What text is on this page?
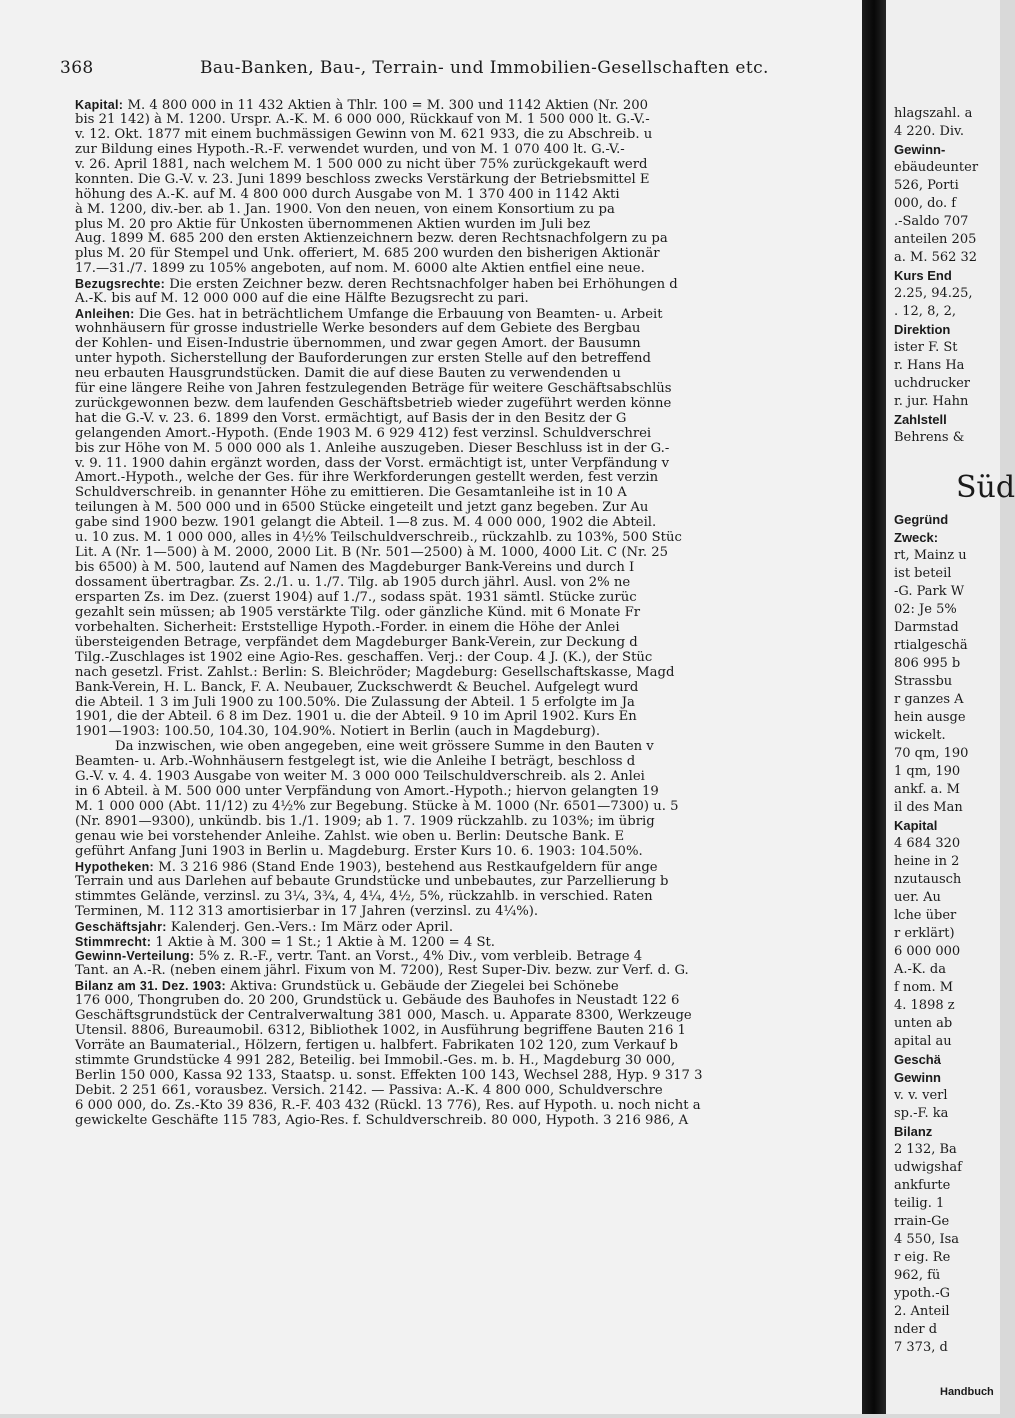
368	Bau-Banken, Bau-, Terrain- und Immobilien-Gesellschaften etc.

Kapital: M. 4 800 000 in 11 432 Aktien à Thlr. 100 = M. 300 und 1142 Aktien (Nr. 200

bis 21 142) à M. 1200. Urspr. A.-K. M. 6 000 000, Rückkauf von M. 1 500 000 lt. G.-V.-

v. 12. Okt. 1877 mit einem buchmässigen Gewinn von M. 621 933, die zu Abschreib. u

zur Bildung eines Hypoth.-R.-F. verwendet wurden, und von M. 1 070 400 lt. G.-V.-

v. 26. April 1881, nach welchem M. 1 500 000 zu nicht über 75% zurückgekauft werd

konnten. Die G.-V. v. 23. Juni 1899 beschloss zwecks Verstärkung der Betriebsmittel E

höhung des A.-K. auf M. 4 800 000 durch Ausgabe von M. 1 370 400 in 1142 Akti

à M. 1200, div.-ber. ab 1. Jan. 1900. Von den neuen, von einem Konsortium zu pa

plus M. 20 pro Aktie für Unkosten übernommenen Aktien wurden im Juli bez

Aug. 1899 M. 685 200 den ersten Aktienzeichnern bezw. deren Rechtsnachfolgern zu pa

plus M. 20 für Stempel und Unk. offeriert, M. 685 200 wurden den bisherigen Aktionär

17.—31./7. 1899 zu 105% angeboten, auf nom. M. 6000 alte Aktien entfiel eine neue.

Bezugsrechte: Die ersten Zeichner bezw. deren Rechtsnachfolger haben bei Erhöhungen d

A.-K. bis auf M. 12 000 000 auf die eine Hälfte Bezugsrecht zu pari.

Anleihen: Die Ges. hat in beträchtlichem Umfange die Erbauung von Beamten- u. Arbeit

wohnhäusern für grosse industrielle Werke besonders auf dem Gebiete des Bergbau

der Kohlen- und Eisen-Industrie übernommen, und zwar gegen Amort. der Bausumn

unter hypoth. Sicherstellung der Bauforderungen zur ersten Stelle auf den betreffend

neu erbauten Hausgrundstücken. Damit die auf diese Bauten zu verwendenden u

für eine längere Reihe von Jahren festzulegenden Beträge für weitere Geschäftsabschlüs

zurückgewonnen bezw. dem laufenden Geschäftsbetrieb wieder zugeführt werden könne

hat die G.-V. v. 23. 6. 1899 den Vorst. ermächtigt, auf Basis der in den Besitz der G

gelangenden Amort.-Hypoth. (Ende 1903 M. 6 929 412) fest verzinsl. Schuldverschrei

bis zur Höhe von M. 5 000 000 als 1. Anleihe auszugeben. Dieser Beschluss ist in der G.-

v. 9. 11. 1900 dahin ergänzt worden, dass der Vorst. ermächtigt ist, unter Verpfändung v

Amort.-Hypoth., welche der Ges. für ihre Werkforderungen gestellt werden, fest verzin

Schuldverschreib. in genannter Höhe zu emittieren. Die Gesamtanleihe ist in 10 A

teilungen à M. 500 000 und in 6500 Stücke eingeteilt und jetzt ganz begeben. Zur Au

gabe sind 1900 bezw. 1901 gelangt die Abteil. 1—8 zus. M. 4 000 000, 1902 die Abteil.

u. 10 zus. M. 1 000 000, alles in 4½% Teilschuldverschreib., rückzahlb. zu 103%, 500 Stüc

Lit. A (Nr. 1—500) à M. 2000, 2000 Lit. B (Nr. 501—2500) à M. 1000, 4000 Lit. C (Nr. 25

bis 6500) à M. 500, lautend auf Namen des Magdeburger Bank-Vereins und durch I

dossament übertragbar. Zs. 2./1. u. 1./7. Tilg. ab 1905 durch jährl. Ausl. von 2% ne

ersparten Zs. im Dez. (zuerst 1904) auf 1./7., sodass spät. 1931 sämtl. Stücke zurüc

gezahlt sein müssen; ab 1905 verstärkte Tilg. oder gänzliche Künd. mit 6 Monate Fr

vorbehalten. Sicherheit: Erststellige Hypoth.-Forder. in einem die Höhe der Anlei

übersteigenden Betrage, verpfändet dem Magdeburger Bank-Verein, zur Deckung d

Tilg.-Zuschlages ist 1902 eine Agio-Res. geschaffen. Verj.: der Coup. 4 J. (K.), der Stüc

nach gesetzl. Frist. Zahlst.: Berlin: S. Bleichröder; Magdeburg: Gesellschaftskasse, Magd

Bank-Verein, H. L. Banck, F. A. Neubauer, Zuckschwerdt & Beuchel. Aufgelegt wurd

die Abteil. 1 3 im Juli 1900 zu 100.50%. Die Zulassung der Abteil. 1 5 erfolgte im Ja

1901, die der Abteil. 6 8 im Dez. 1901 u. die der Abteil. 9 10 im April 1902. Kurs En

1901—1903: 100.50, 104.30, 104.90%. Notiert in Berlin (auch in Magdeburg).

Da inzwischen, wie oben angegeben, eine weit grössere Summe in den Bauten v

Beamten- u. Arb.-Wohnhäusern festgelegt ist, wie die Anleihe I beträgt, beschloss d

G.-V. v. 4. 4. 1903 Ausgabe von weiter M. 3 000 000 Teilschuldverschreib. als 2. Anlei

in 6 Abteil. à M. 500 000 unter Verpfändung von Amort.-Hypoth.; hiervon gelangten 19

M. 1 000 000 (Abt. 11/12) zu 4½% zur Begebung. Stücke à M. 1000 (Nr. 6501—7300) u. 5

(Nr. 8901—9300), unkündb. bis 1./1. 1909; ab 1. 7. 1909 rückzahlb. zu 103%; im übrig

genau wie bei vorstehender Anleihe. Zahlst. wie oben u. Berlin: Deutsche Bank. E

geführt Anfang Juni 1903 in Berlin u. Magdeburg. Erster Kurs 10. 6. 1903: 104.50%.

Hypotheken: M. 3 216 986 (Stand Ende 1903), bestehend aus Restkaufgeldern für ange

Terrain und aus Darlehen auf bebaute Grundstücke und unbebautes, zur Parzellierung b

stimmtes Gelände, verzinsl. zu 3¼, 3¾, 4, 4¼, 4½, 5%, rückzahlb. in verschied. Raten

Terminen, M. 112 313 amortisierbar in 17 Jahren (verzinsl. zu 4¼%).

Geschäftsjahr: Kalenderj. Gen.-Vers.: Im März oder April.

Stimmrecht: 1 Aktie à M. 300 = 1 St.; 1 Aktie à M. 1200 = 4 St.

Gewinn-Verteilung: 5% z. R.-F., vertr. Tant. an Vorst., 4% Div., vom verbleib. Betrage 4

Tant. an A.-R. (neben einem jährl. Fixum von M. 7200), Rest Super-Div. bezw. zur Verf. d. G.

Bilanz am 31. Dez. 1903: Aktiva: Grundstück u. Gebäude der Ziegelei bei Schönebe

176 000, Thongruben do. 20 200, Grundstück u. Gebäude des Bauhofes in Neustadt 122 6

Geschäftsgrundstück der Centralverwaltung 381 000, Masch. u. Apparate 8300, Werkzeuge

Utensil. 8806, Bureaumobil. 6312, Bibliothek 1002, in Ausführung begriffene Bauten 216 1

Vorräte an Baumaterial., Hölzern, fertigen u. halbfert. Fabrikaten 102 120, zum Verkauf b

stimmte Grundstücke 4 991 282, Beteilig. bei Immobil.-Ges. m. b. H., Magdeburg 30 000,

Berlin 150 000, Kassa 92 133, Staatsp. u. sonst. Effekten 100 143, Wechsel 288, Hyp. 9 317 3

Debit. 2 251 661, vorausbez. Versich. 2142. — Passiva: A.-K. 4 800 000, Schuldverschre

6 000 000, do. Zs.-Kto 39 836, R.-F. 403 432 (Rückl. 13 776), Res. auf Hypoth. u. noch nicht a

gewickelte Geschäfte 115 783, Agio-Res. f. Schuldverschreib. 80 000, Hypoth. 3 216 986, A

Süd
Handbuch
hlagszahl. a
4 220. Div.
Gewinn-
ebäudeunter
526, Porti
000, do. f
.-Saldo 707
anteilen 205
a. M. 562 32
Kurs End
2.25, 94.25,
. 12, 8, 2,
Direktion
ister F. St
r. Hans Ha
uchdrucker
r. jur. Hahn
Zahlstell
Behrens &
Gegründ
Zweck:
rt, Mainz u
ist beteil
-G. Park W
02: Je 5%
Darmstad
rtialgeschä
806 995 b
Strassbu
r ganzes A
hein ausge
wickelt.
70 qm, 190
1 qm, 190
ankf. a. M
il des Man
Kapital
4 684 320
heine in 2
nzutausch
uer. Au
lche über
r erklärt)
6 000 000
A.-K. da
f nom. M
4. 1898 z
unten ab
apital au
Geschä
Gewinn
v. v. verl
sp.-F. ka
Bilanz
2 132, Ba
udwigshaf
ankfurte
teilig. 1
rrain-Ge
4 550, Isa
r eig. Re
962, fü
ypoth.-G
2. Anteil
nder d
7 373, d
